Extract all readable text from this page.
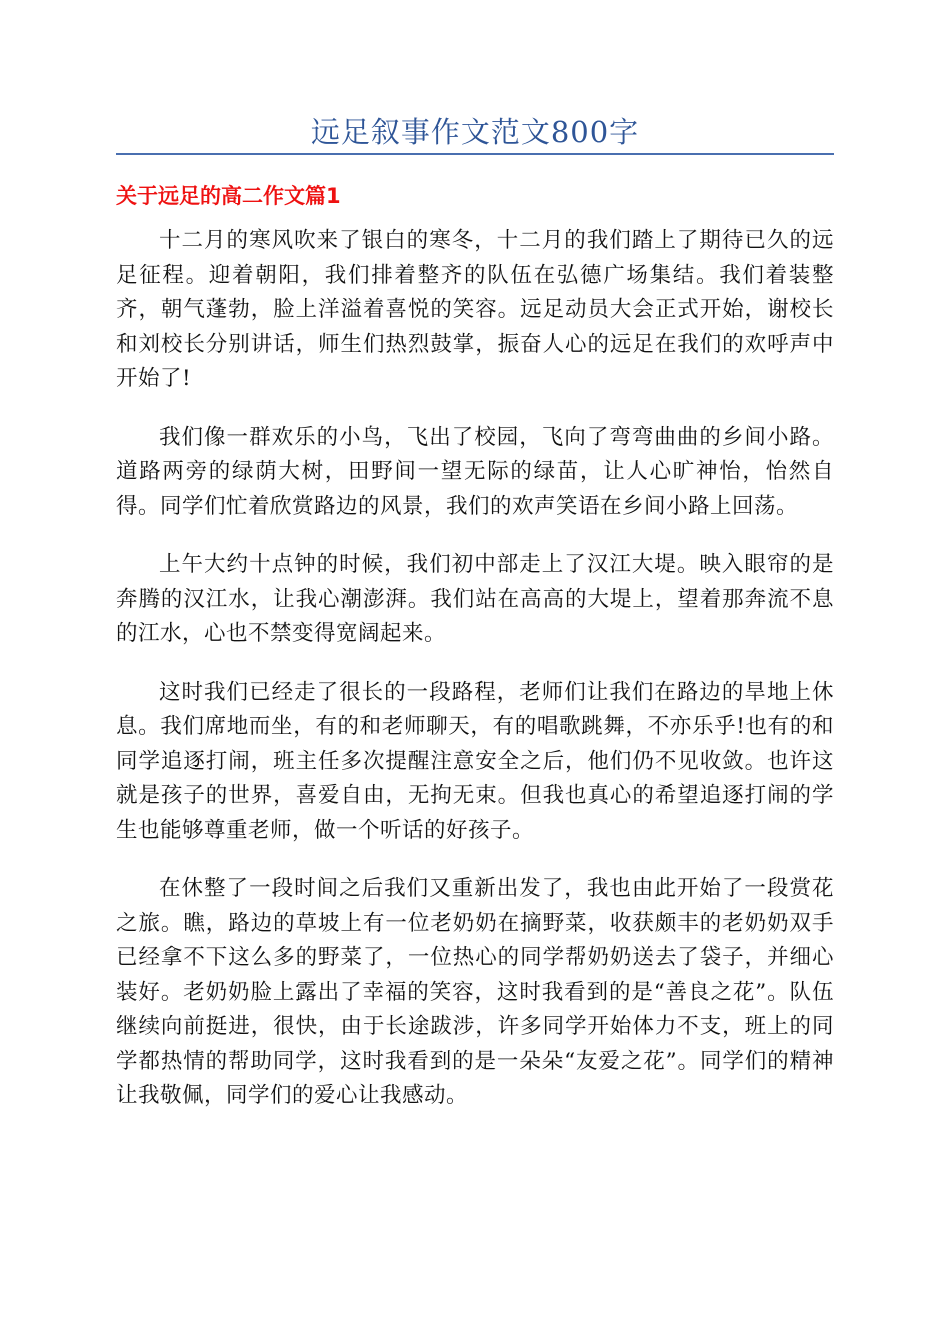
远足叙事作文范文800字
关于远足的高二作文篇1

十二月的寒风吹来了银白的寒冬，十二月的我们踏上了期待已久的远足征程。迎着朝阳，我们排着整齐的队伍在弘德广场集结。我们着装整齐，朝气蓬勃，脸上洋溢着喜悦的笑容。远足动员大会正式开始，谢校长和刘校长分别讲话，师生们热烈鼓掌，振奋人心的远足在我们的欢呼声中开始了!

我们像一群欢乐的小鸟，飞出了校园，飞向了弯弯曲曲的乡间小路。道路两旁的绿荫大树，田野间一望无际的绿苗，让人心旷神怡，怡然自得。同学们忙着欣赏路边的风景，我们的欢声笑语在乡间小路上回荡。

上午大约十点钟的时候，我们初中部走上了汉江大堤。映入眼帘的是奔腾的汉江水，让我心潮澎湃。我们站在高高的大堤上，望着那奔流不息的江水，心也不禁变得宽阔起来。

这时我们已经走了很长的一段路程，老师们让我们在路边的旱地上休息。我们席地而坐，有的和老师聊天，有的唱歌跳舞，不亦乐乎!也有的和同学追逐打闹，班主任多次提醒注意安全之后，他们仍不见收敛。也许这就是孩子的世界，喜爱自由，无拘无束。但我也真心的希望追逐打闹的学生也能够尊重老师，做一个听话的好孩子。

在休整了一段时间之后我们又重新出发了，我也由此开始了一段赏花之旅。瞧，路边的草坡上有一位老奶奶在摘野菜，收获颇丰的老奶奶双手已经拿不下这么多的野菜了，一位热心的同学帮奶奶送去了袋子，并细心装好。老奶奶脸上露出了幸福的笑容，这时我看到的是“善良之花”。队伍继续向前挺进，很快，由于长途跋涉，许多同学开始体力不支，班上的同学都热情的帮助同学，这时我看到的是一朵朵“友爱之花”。同学们的精神让我敬佩，同学们的爱心让我感动。
